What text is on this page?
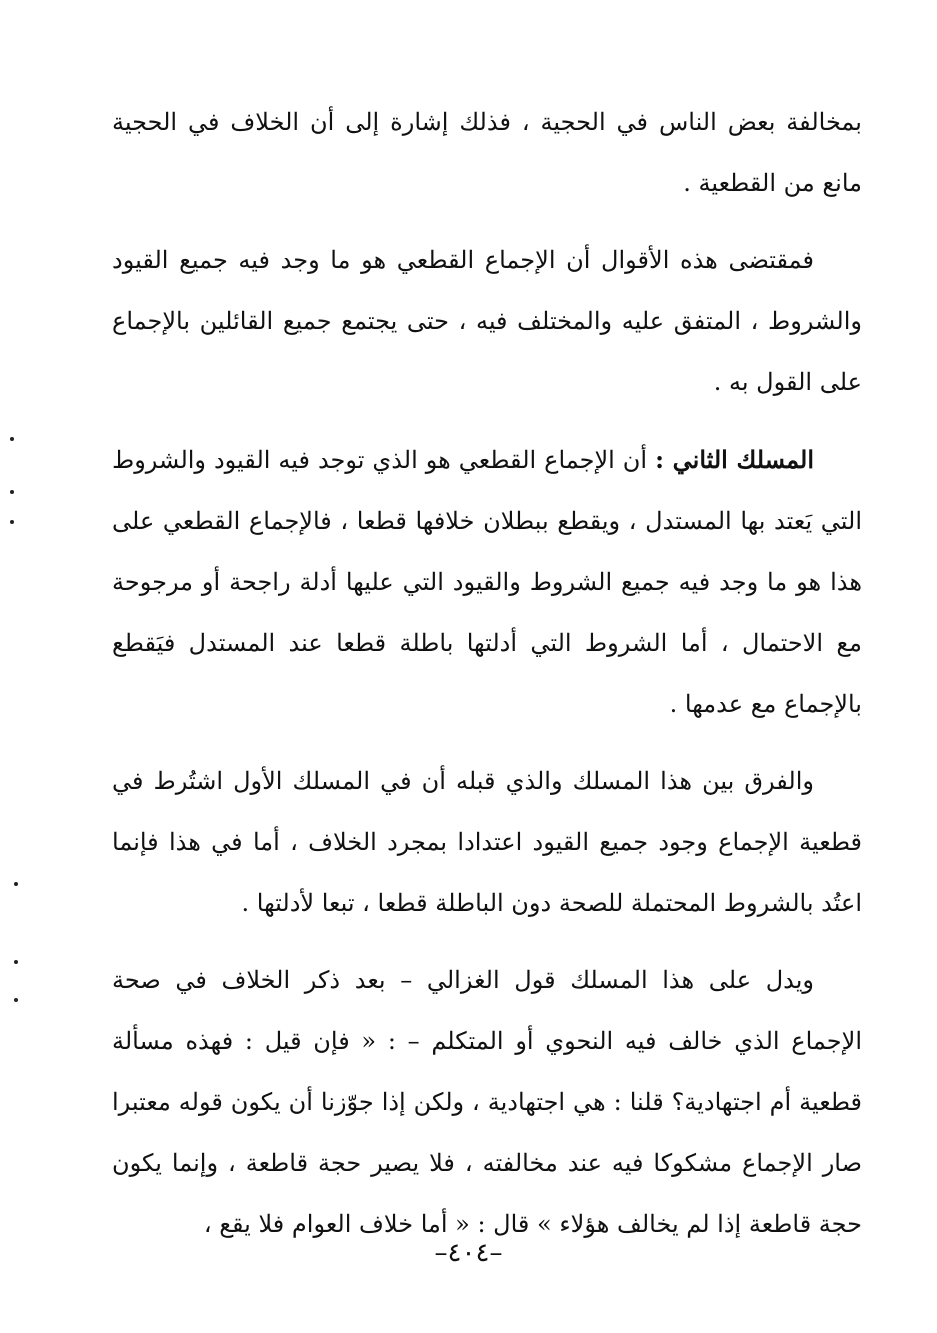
بمخالفة بعض الناس في الحجية ، فذلك إشارة إلى أن الخلاف في الحجية مانع من القطعية .

فمقتضى هذه الأقوال أن الإجماع القطعي هو ما وجد فيه جميع القيود والشروط ، المتفق عليه والمختلف فيه ، حتى يجتمع جميع القائلين بالإجماع على القول به .

المسلك الثاني : أن الإجماع القطعي هو الذي توجد فيه القيود والشروط التي يَعتد بها المستدل ، ويقطع ببطلان خلافها قطعا ، فالإجماع القطعي على هذا هو ما وجد فيه جميع الشروط والقيود التي عليها أدلة راجحة أو مرجوحة مع الاحتمال ، أما الشروط التي أدلتها باطلة قطعا عند المستدل فيَقطع بالإجماع مع عدمها .

والفرق بين هذا المسلك والذي قبله أن في المسلك الأول اشتُرط في قطعية الإجماع وجود جميع القيود اعتدادا بمجرد الخلاف ، أما في هذا فإنما اعتُد بالشروط المحتملة للصحة دون الباطلة قطعا ، تبعا لأدلتها .

ويدل على هذا المسلك قول الغزالي – بعد ذكر الخلاف في صحة الإجماع الذي خالف فيه النحوي أو المتكلم – : « فإن قيل : فهذه مسألة قطعية أم اجتهادية؟ قلنا : هي اجتهادية ، ولكن إذا جوّزنا أن يكون قوله معتبرا صار الإجماع مشكوكا فيه عند مخالفته ، فلا يصير حجة قاطعة ، وإنما يكون حجة قاطعة إذا لم يخالف هؤلاء » قال : « أما خلاف العوام فلا يقع ،

–٤٠٤–
